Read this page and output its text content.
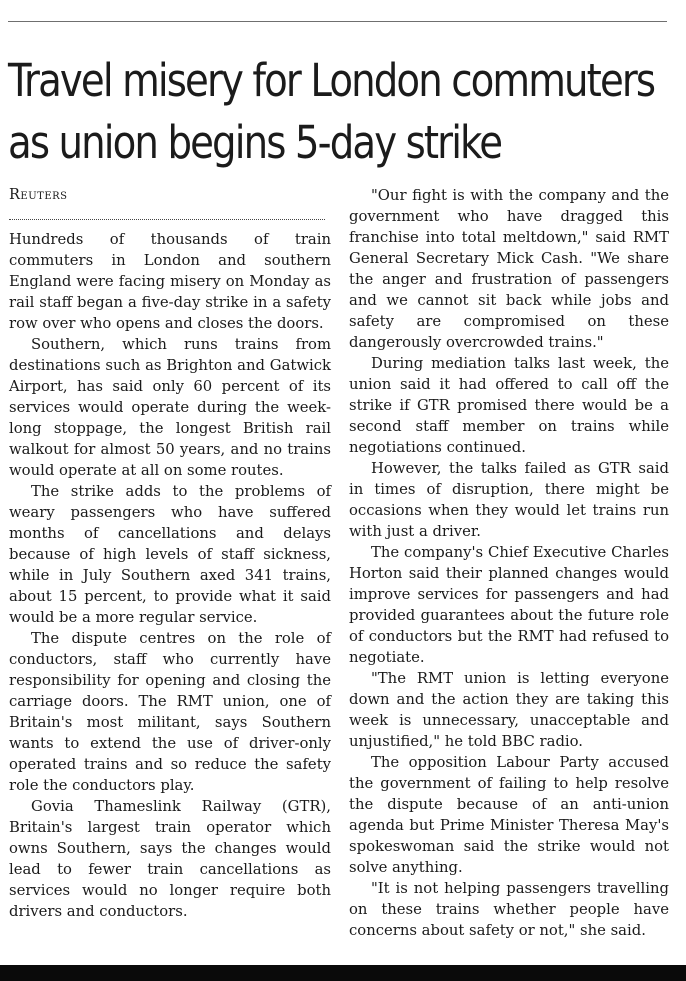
Travel misery for London commuters
as union begins 5-day strike
Reuters

Hundreds of thousands of train commuters in London and southern England were facing misery on Monday as rail staff began a five-day strike in a safety row over who opens and closes the doors.

Southern, which runs trains from destinations such as Brighton and Gatwick Airport, has said only 60 percent of its services would operate during the week-long stoppage, the longest British rail walkout for almost 50 years, and no trains would operate at all on some routes.

The strike adds to the problems of weary passengers who have suffered months of cancellations and delays because of high levels of staff sickness, while in July Southern axed 341 trains, about 15 percent, to provide what it said would be a more regular service.

The dispute centres on the role of conductors, staff who currently have responsibility for opening and closing the carriage doors. The RMT union, one of Britain's most militant, says Southern wants to extend the use of driver-only operated trains and so reduce the safety role the conductors play.

Govia Thameslink Railway (GTR), Britain's largest train operator which owns Southern, says the changes would lead to fewer train cancellations as services would no longer require both drivers and conductors.

"Our fight is with the company and the government who have dragged this franchise into total meltdown," said RMT General Secretary Mick Cash. "We share the anger and frustration of passengers and we cannot sit back while jobs and safety are compromised on these dangerously overcrowded trains."

During mediation talks last week, the union said it had offered to call off the strike if GTR promised there would be a second staff member on trains while negotiations continued.

However, the talks failed as GTR said in times of disruption, there might be occasions when they would let trains run with just a driver.

The company's Chief Executive Charles Horton said their planned changes would improve services for passengers and had provided guarantees about the future role of conductors but the RMT had refused to negotiate.

"The RMT union is letting everyone down and the action they are taking this week is unnecessary, unacceptable and unjustified," he told BBC radio.

The opposition Labour Party accused the government of failing to help resolve the dispute because of an anti-union agenda but Prime Minister Theresa May's spokeswoman said the strike would not solve anything.

"It is not helping passengers travelling on these trains whether people have concerns about safety or not," she said.
